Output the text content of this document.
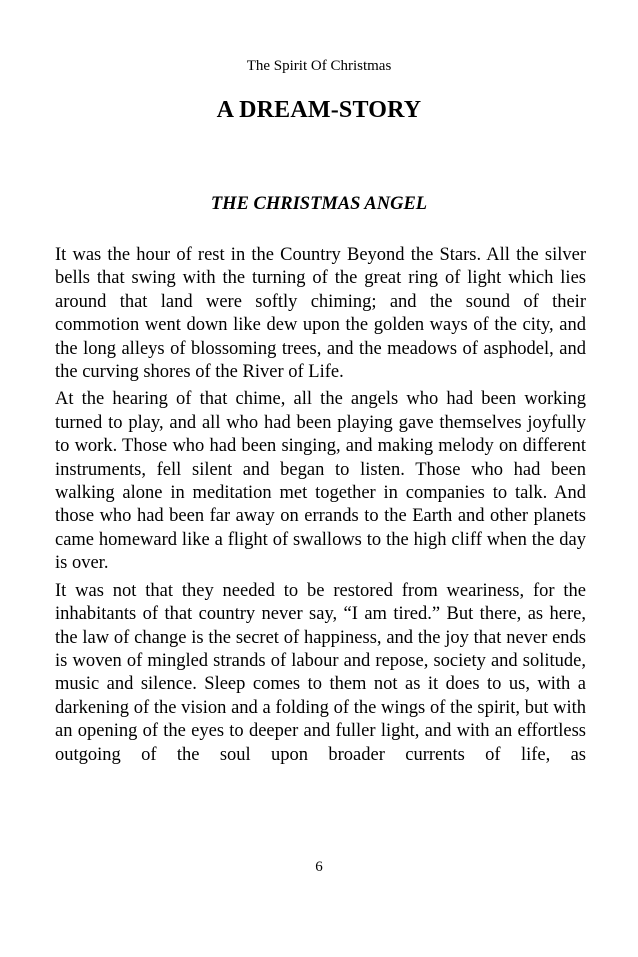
The Spirit Of Christmas
A DREAM-STORY
THE CHRISTMAS ANGEL

It was the hour of rest in the Country Beyond the Stars. All the silver bells that swing with the turning of the great ring of light which lies around that land were softly chiming; and the sound of their commotion went down like dew upon the golden ways of the city, and the long alleys of blossoming trees, and the meadows of asphodel, and the curving shores of the River of Life.

At the hearing of that chime, all the angels who had been working turned to play, and all who had been playing gave themselves joyfully to work. Those who had been singing, and making melody on different instruments, fell silent and began to listen. Those who had been walking alone in meditation met together in companies to talk. And those who had been far away on errands to the Earth and other planets came homeward like a flight of swallows to the high cliff when the day is over.

It was not that they needed to be restored from weariness, for the inhabitants of that country never say, “I am tired.” But there, as here, the law of change is the secret of happiness, and the joy that never ends is woven of mingled strands of labour and repose, society and solitude, music and silence. Sleep comes to them not as it does to us, with a darkening of the vision and a folding of the wings of the spirit, but with an opening of the eyes to deeper and fuller light, and with an effortless outgoing of the soul upon broader currents of life, as

6
